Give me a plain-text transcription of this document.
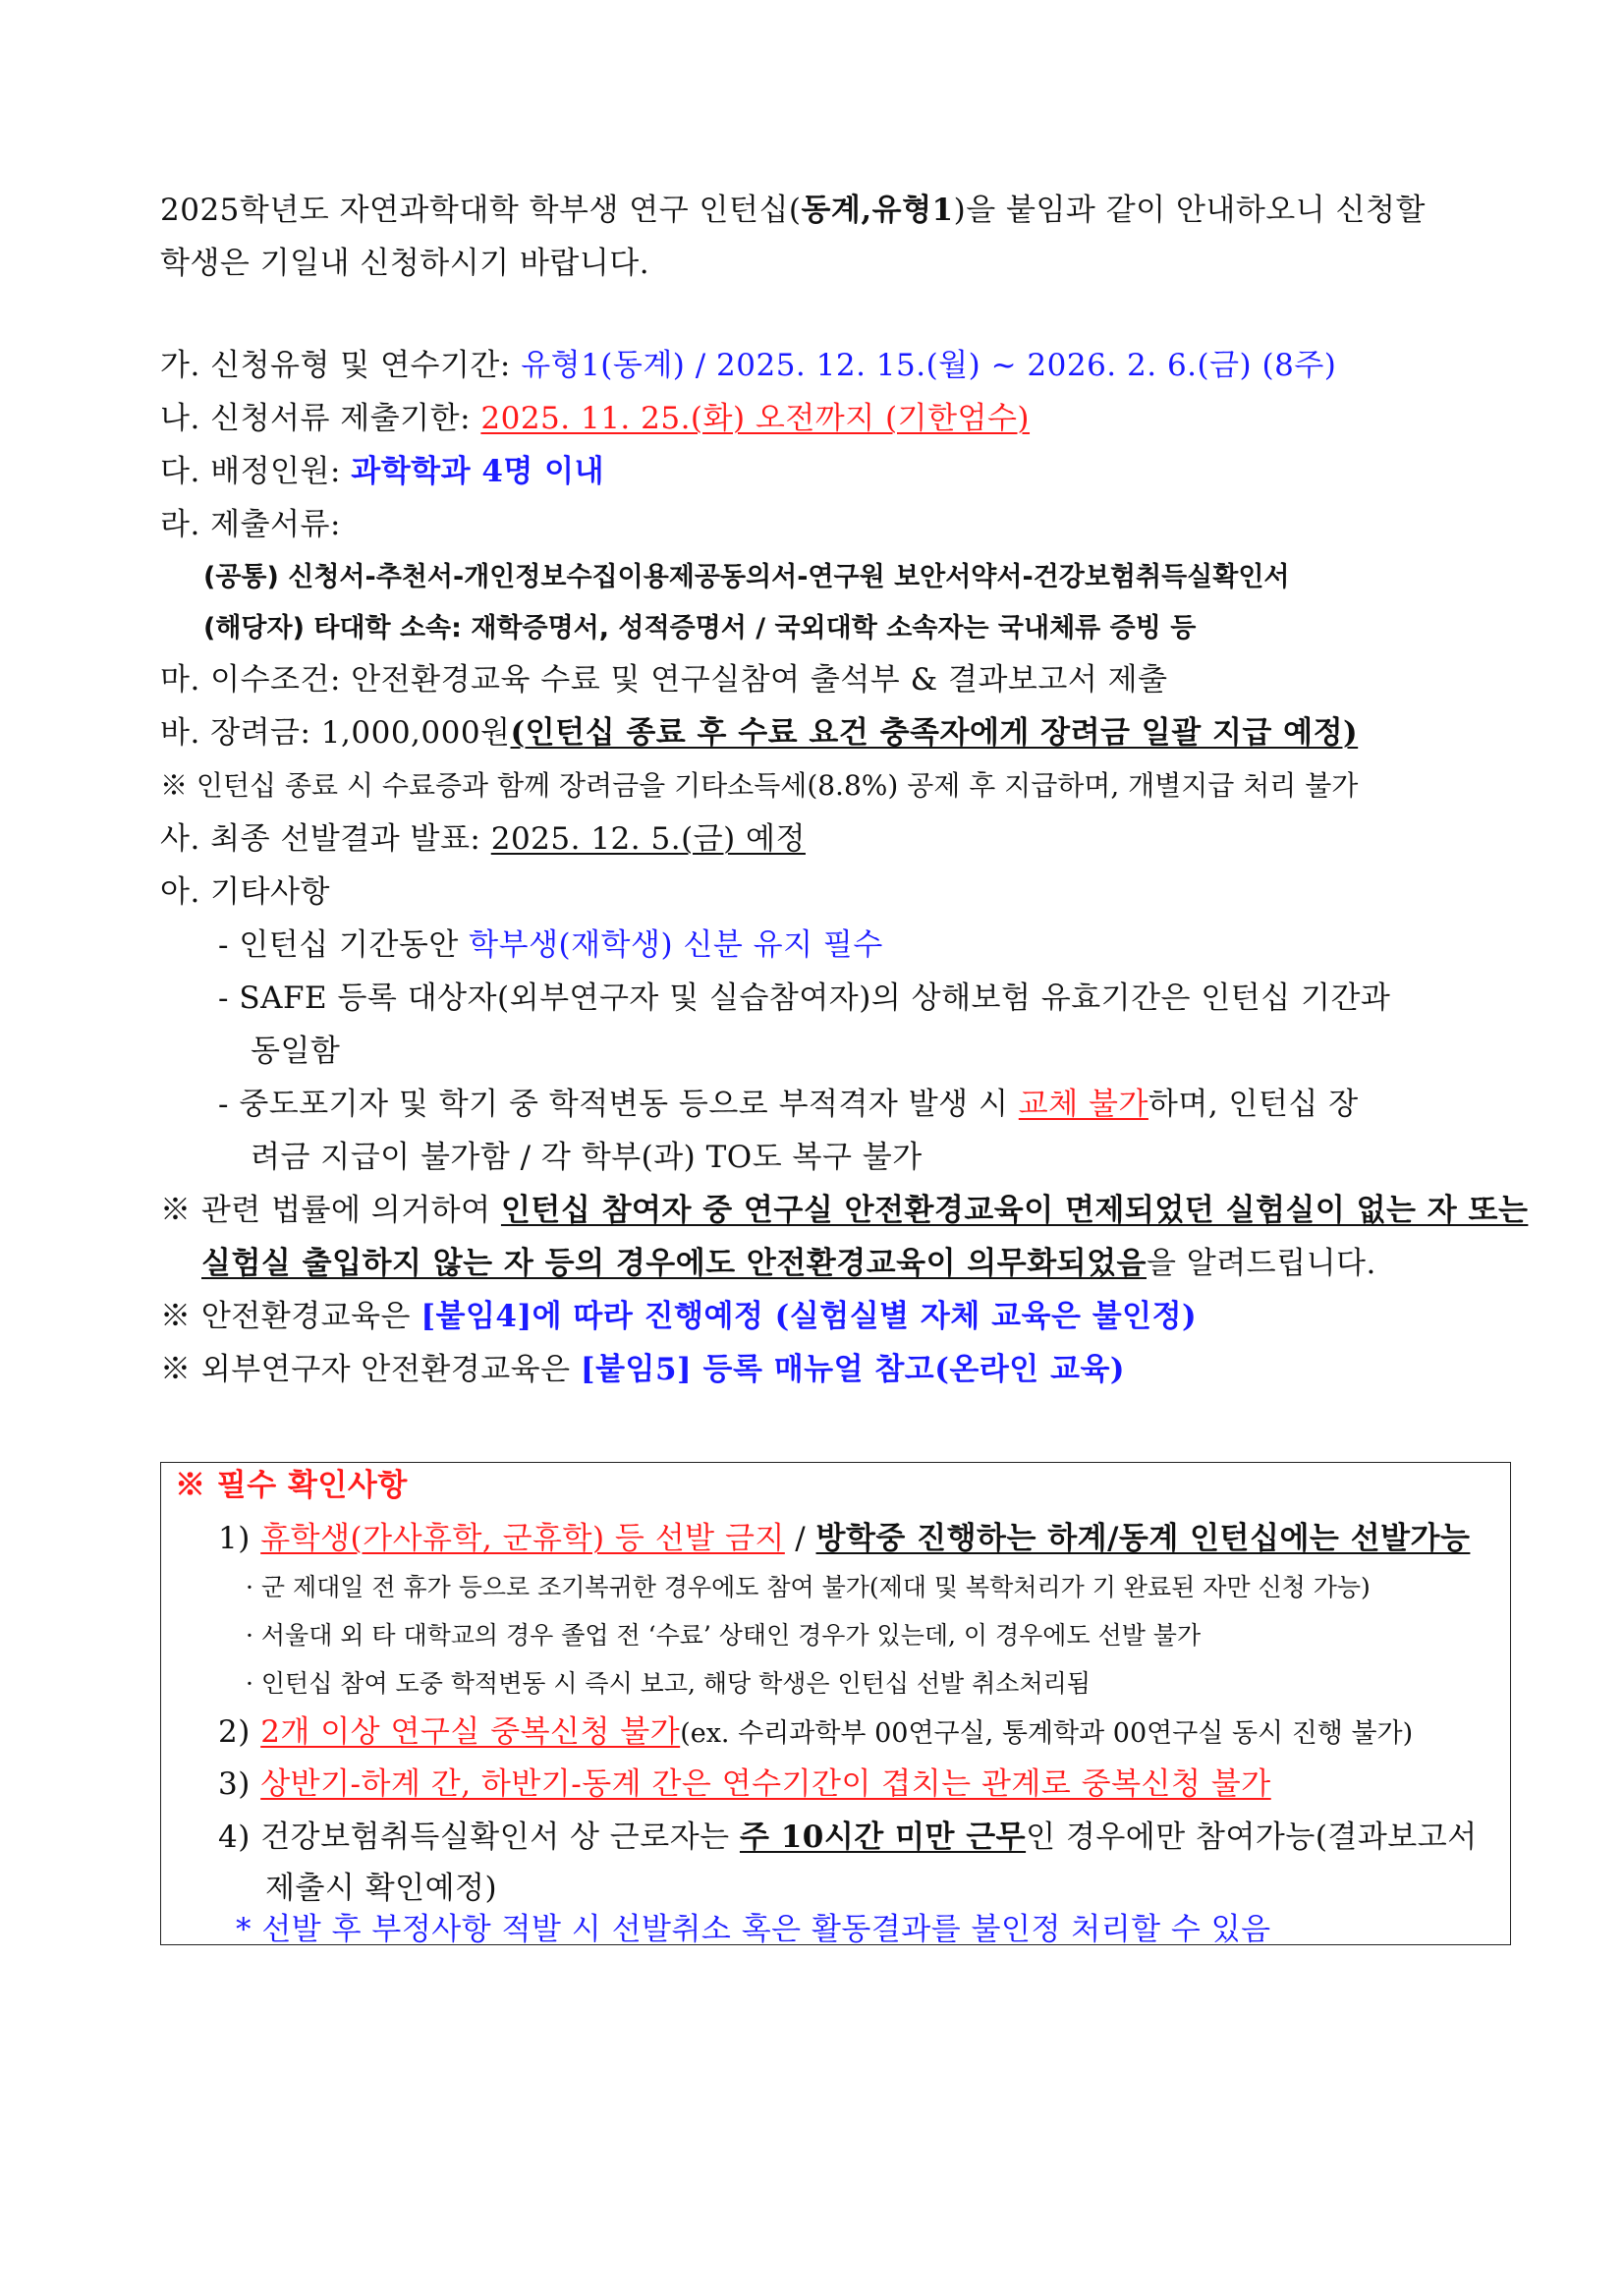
2025학년도 자연과학대학 학부생 연구 인턴십(동계,유형1)을 붙임과 같이 안내하오니 신청할
학생은 기일내 신청하시기 바랍니다.
가. 신청유형 및 연수기간: 유형1(동계) / 2025. 12. 15.(월) ~ 2026. 2. 6.(금) (8주)
나. 신청서류 제출기한: 2025. 11. 25.(화) 오전까지 (기한엄수)
다. 배정인원: 과학학과 4명 이내
라. 제출서류:
(공통) 신청서-추천서-개인정보수집이용제공동의서-연구원 보안서약서-건강보험취득실확인서
(해당자) 타대학 소속: 재학증명서, 성적증명서 / 국외대학 소속자는 국내체류 증빙 등
마. 이수조건: 안전환경교육 수료 및 연구실참여 출석부 & 결과보고서 제출
바. 장려금: 1,000,000원(인턴십 종료 후 수료 요건 충족자에게 장려금 일괄 지급 예정)
※ 인턴십 종료 시 수료증과 함께 장려금을 기타소득세(8.8%) 공제 후 지급하며, 개별지급 처리 불가
사. 최종 선발결과 발표: 2025. 12. 5.(금) 예정
아. 기타사항
- 인턴십 기간동안 학부생(재학생) 신분 유지 필수
- SAFE 등록 대상자(외부연구자 및 실습참여자)의 상해보험 유효기간은 인턴십 기간과
동일함
- 중도포기자 및 학기 중 학적변동 등으로 부적격자 발생 시 교체 불가하며, 인턴십 장
려금 지급이 불가함 / 각 학부(과) TO도 복구 불가
※ 관련 법률에 의거하여 인턴십 참여자 중 연구실 안전환경교육이 면제되었던 실험실이 없는 자 또는
실험실 출입하지 않는 자 등의 경우에도 안전환경교육이 의무화되었음을 알려드립니다.
※ 안전환경교육은 [붙임4]에 따라 진행예정 (실험실별 자체 교육은 불인정)
※ 외부연구자 안전환경교육은 [붙임5] 등록 매뉴얼 참고(온라인 교육)
※ 필수 확인사항
1) 휴학생(가사휴학, 군휴학) 등 선발 금지 / 방학중 진행하는 하계/동계 인턴십에는 선발가능
· 군 제대일 전 휴가 등으로 조기복귀한 경우에도 참여 불가(제대 및 복학처리가 기 완료된 자만 신청 가능)
· 서울대 외 타 대학교의 경우 졸업 전 ‘수료’ 상태인 경우가 있는데, 이 경우에도 선발 불가
· 인턴십 참여 도중 학적변동 시 즉시 보고, 해당 학생은 인턴십 선발 취소처리됨
2) 2개 이상 연구실 중복신청 불가(ex. 수리과학부 00연구실, 통계학과 00연구실 동시 진행 불가)
3) 상반기-하계 간, 하반기-동계 간은 연수기간이 겹치는 관계로 중복신청 불가
4) 건강보험취득실확인서 상 근로자는 주 10시간 미만 근무인 경우에만 참여가능(결과보고서
제출시 확인예정)
* 선발 후 부정사항 적발 시 선발취소 혹은 활동결과를 불인정 처리할 수 있음
